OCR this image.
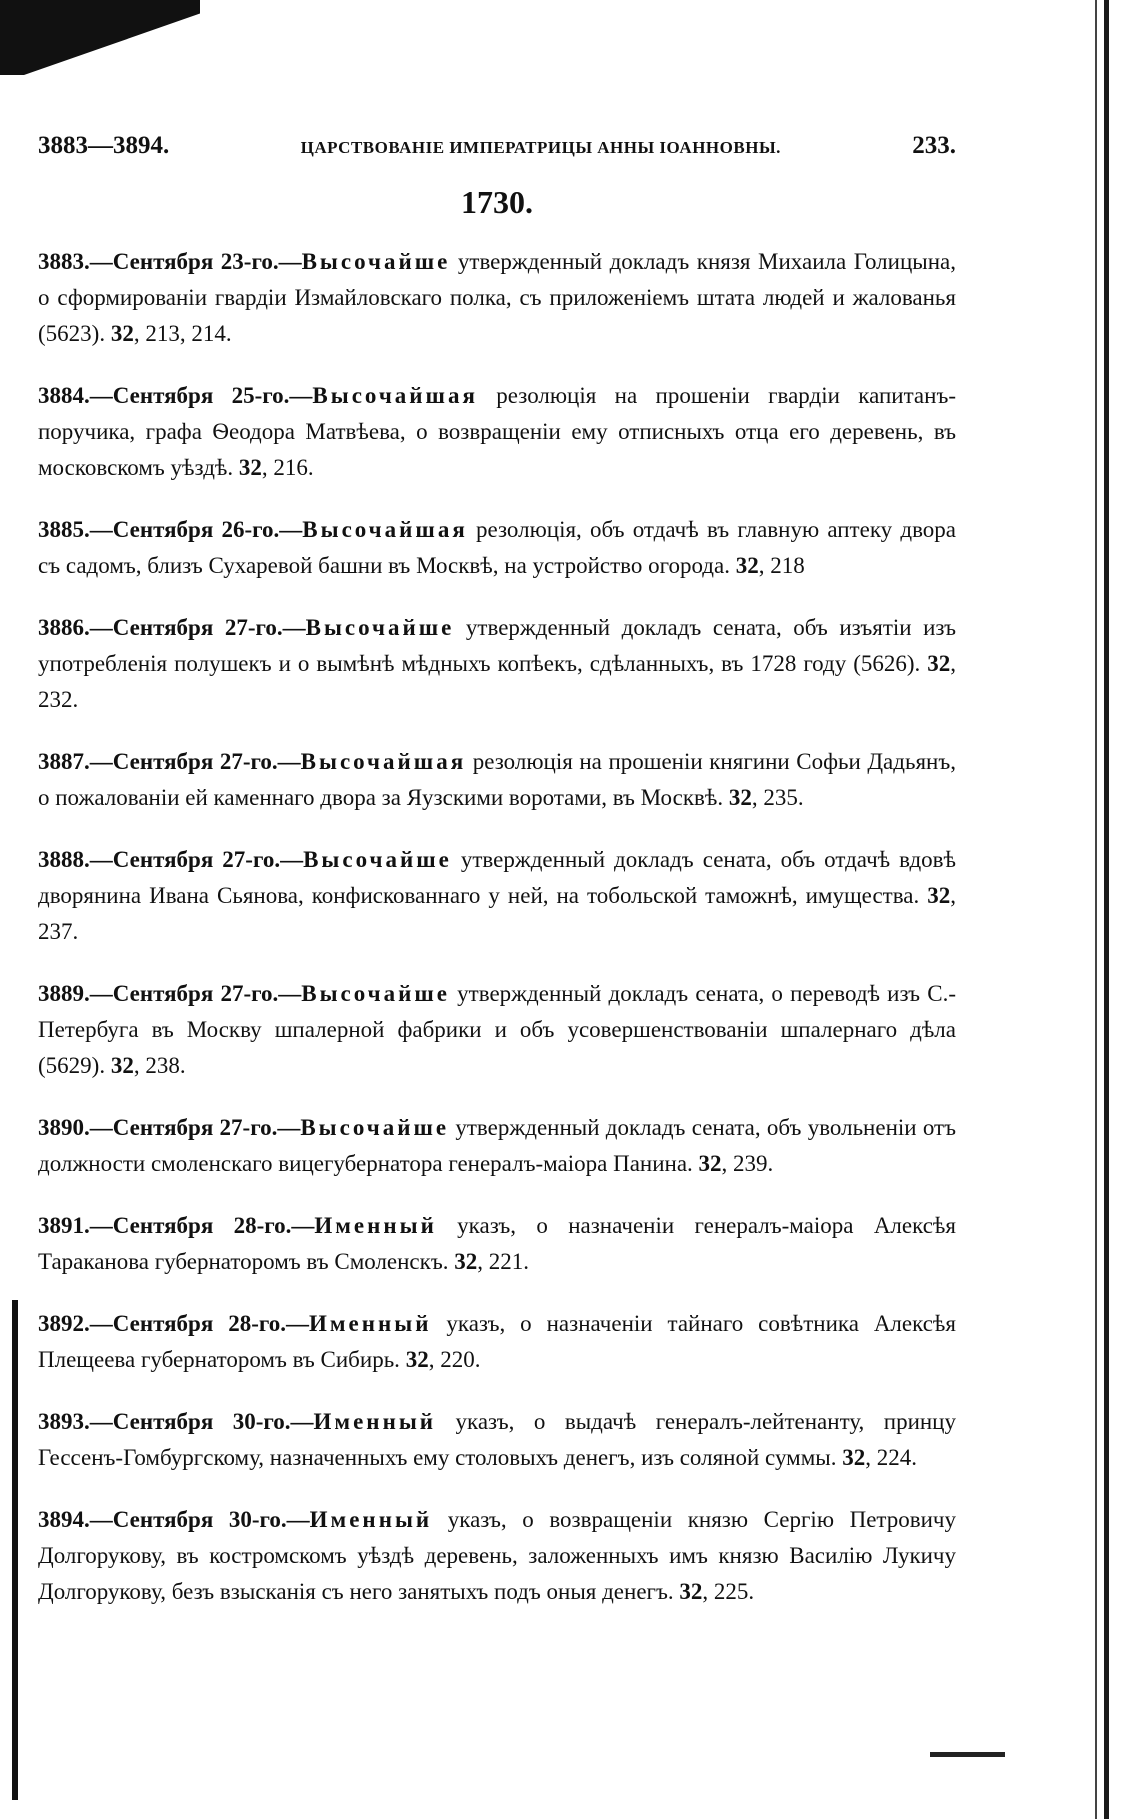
3883—3894.	ЦАРСТВОВАНІЕ ИМПЕРАТРИЦЫ АННЫ ІОАННОВНЫ.	233.
1730.

3883.—Сентября 23-го.—Высочайше утвержденный докладъ князя Михаила Голицына, о сформированіи гвардіи Измайловскаго полка, съ приложеніемъ штата людей и жалованья (5623). 32, 213, 214.

3884.—Сентября 25-го.—Высочайшая резолюція на прошеніи гвардіи капитанъ-поручика, графа Ѳеодора Матвѣева, о возвращеніи ему отписныхъ отца его деревень, въ московскомъ уѣздѣ. 32, 216.

3885.—Сентября 26-го.—Высочайшая резолюція, объ отдачѣ въ главную аптеку двора съ садомъ, близъ Сухаревой башни въ Москвѣ, на устройство огорода. 32, 218

3886.—Сентября 27-го.—Высочайше утвержденный докладъ сената, объ изъятіи изъ употребленія полушекъ и о вымѣнѣ мѣдныхъ копѣекъ, сдѣланныхъ, въ 1728 году (5626). 32, 232.

3887.—Сентября 27-го.—Высочайшая резолюція на прошеніи княгини Софьи Дадьянъ, о пожалованіи ей каменнаго двора за Яузскими воротами, въ Москвѣ. 32, 235.

3888.—Сентября 27-го.—Высочайше утвержденный докладъ сената, объ отдачѣ вдовѣ дворянина Ивана Сьянова, конфискованнаго у ней, на тобольской таможнѣ, имущества. 32, 237.

3889.—Сентября 27-го.—Высочайше утвержденный докладъ сената, о переводѣ изъ С.-Петербуга въ Москву шпалерной фабрики и объ усовершенствованіи шпалернаго дѣла (5629). 32, 238.

3890.—Сентября 27-го.—Высочайше утвержденный докладъ сената, объ увольненіи отъ должности смоленскаго вицегубернатора генералъ-маіора Панина. 32, 239.

3891.—Сентября 28-го.—Именный указъ, о назначеніи генералъ-маіора Алексѣя Тараканова губернаторомъ въ Смоленскъ. 32, 221.

3892.—Сентября 28-го.—Именный указъ, о назначеніи тайнаго совѣтника Алексѣя Плещеева губернаторомъ въ Сибирь. 32, 220.

3893.—Сентября 30-го.—Именный указъ, о выдачѣ генералъ-лейтенанту, принцу Гессенъ-Гомбургскому, назначенныхъ ему столовыхъ денегъ, изъ соляной суммы. 32, 224.

3894.—Сентября 30-го.—Именный указъ, о возвращеніи князю Сергію Петровичу Долгорукову, въ костромскомъ уѣздѣ деревень, заложенныхъ имъ князю Василію Лукичу Долгорукову, безъ взысканія съ него занятыхъ подъ оныя денегъ. 32, 225.
